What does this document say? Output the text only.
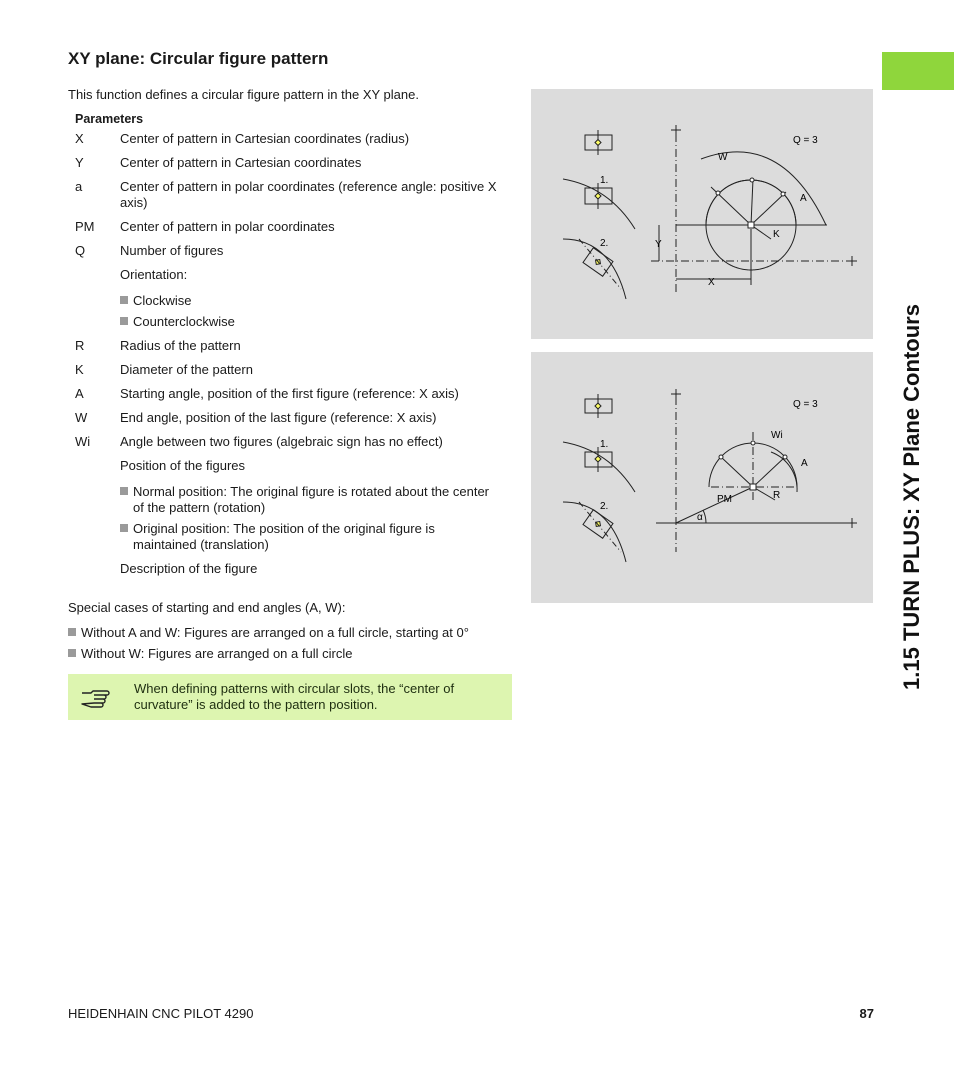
1.15 TURN PLUS: XY Plane Contours
XY plane: Circular figure pattern
This function defines a circular figure pattern in the XY plane.
Parameters
X	Center of pattern in Cartesian coordinates (radius)
Y	Center of pattern in Cartesian coordinates
a	Center of pattern in polar coordinates (reference angle: positive X axis)
PM Center of pattern in polar coordinates
Q	Number of figures
Orientation:
Clockwise
Counterclockwise
R	Radius of the pattern
K	Diameter of the pattern
A	Starting angle, position of the first figure (reference: X axis)
W	End angle, position of the last figure (reference: X axis)
Wi Angle between two figures (algebraic sign has no effect)
Position of the figures
Normal position: The original figure is rotated about the center of the pattern (rotation)
Original position: The position of the original figure is maintained (translation)
Description of the figure
Special cases of starting and end angles (A, W):
Without A and W: Figures are arranged on a full circle, starting at 0°
Without W: Figures are arranged on a full circle
When defining patterns with circular slots, the “center of curvature” is added to the pattern position.
Q = 3
1.
2.
W
A
K
Y
X
Q = 3
1.
2.
Wi
A
PM	R
α
HEIDENHAIN CNC PILOT 4290	87
